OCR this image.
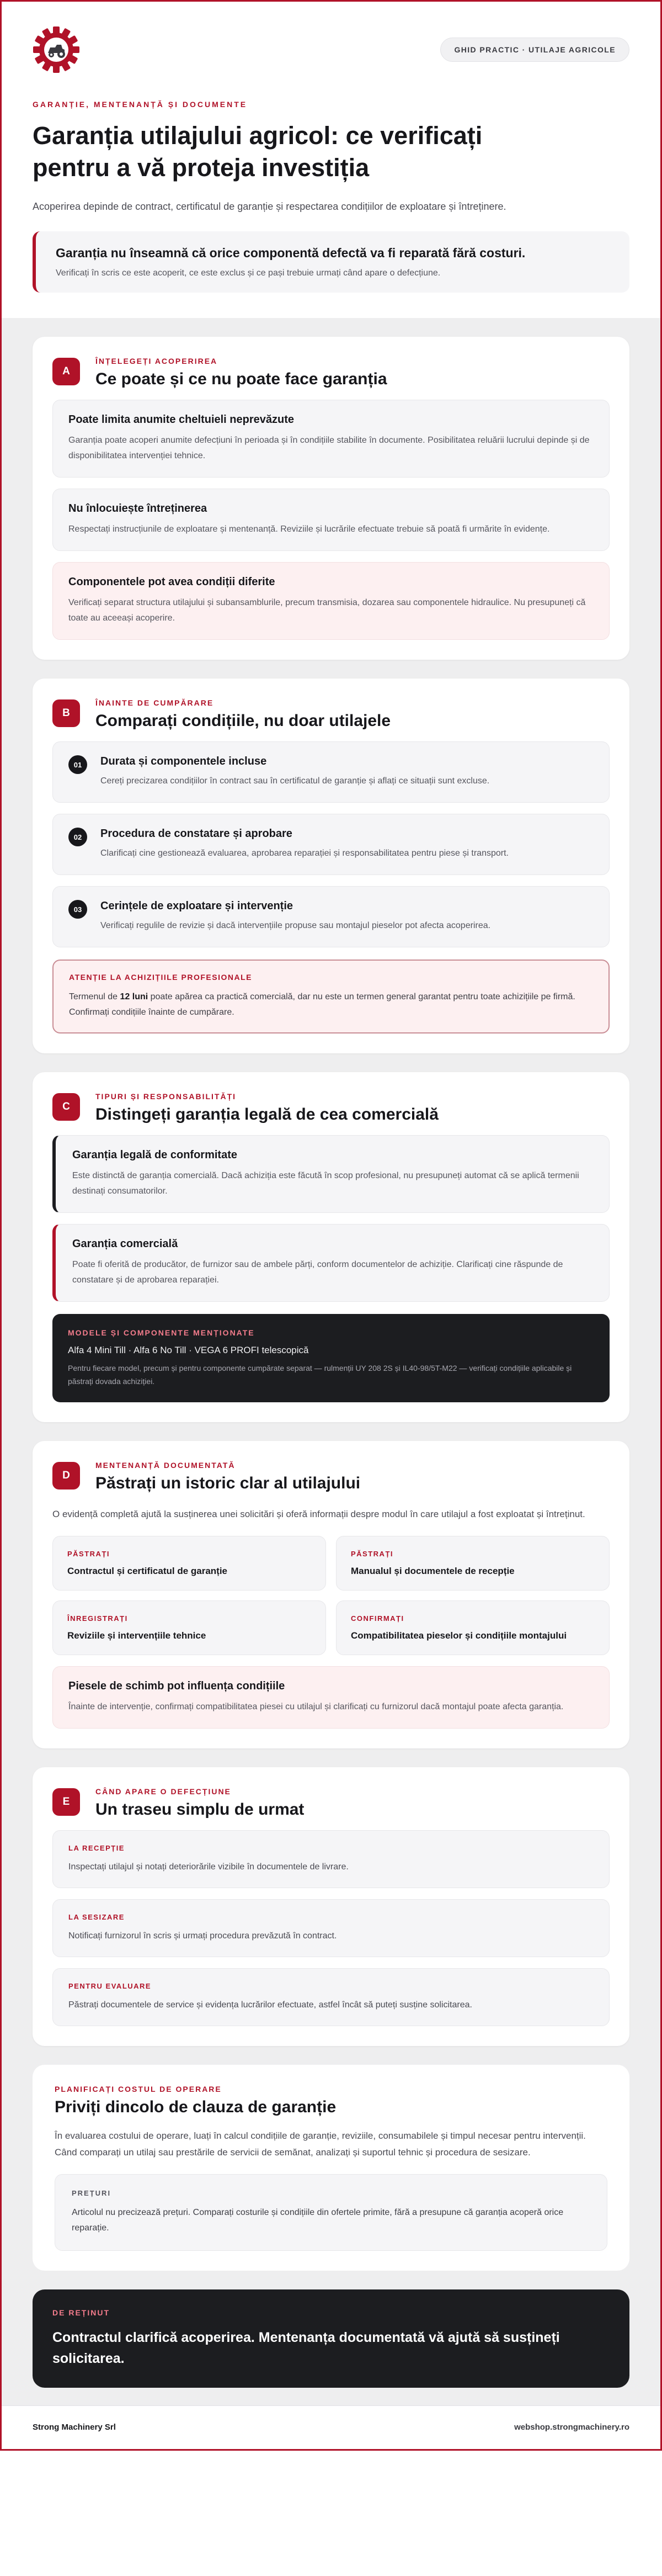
GHID PRACTIC · UTILAJE AGRICOLE
GARANȚIE, MENTENANȚĂ ȘI DOCUMENTE
Garanția utilajului agricol: ce verificați pentru a vă proteja investiția

Acoperirea depinde de contract, certificatul de garanție și respectarea condițiilor de exploatare și întreținere.

Garanția nu înseamnă că orice componentă defectă va fi reparată fără costuri.
Verificați în scris ce este acoperit, ce este exclus și ce pași trebuie urmați când apare o defecțiune.
A
ÎNȚELEGEȚI ACOPERIREA
Ce poate și ce nu poate face garanția
Poate limita anumite cheltuieli neprevăzute
Garanția poate acoperi anumite defecțiuni în perioada și în condițiile stabilite în documente. Posibilitatea reluării lucrului depinde și de disponibilitatea intervenției tehnice.
Nu înlocuiește întreținerea
Respectați instrucțiunile de exploatare și mentenanță. Reviziile și lucrările efectuate trebuie să poată fi urmărite în evidențe.
Componentele pot avea condiții diferite
Verificați separat structura utilajului și subansamblurile, precum transmisia, dozarea sau componentele hidraulice. Nu presupuneți că toate au aceeași acoperire.
B
ÎNAINTE DE CUMPĂRARE
Comparați condițiile, nu doar utilajele
01	Durata și componentele incluse
Cereți precizarea condițiilor în contract sau în certificatul de garanție și aflați ce situații sunt excluse.
02	Procedura de constatare și aprobare
Clarificați cine gestionează evaluarea, aprobarea reparației și responsabilitatea pentru piese și transport.
03	Cerințele de exploatare și intervenție
Verificați regulile de revizie și dacă intervențiile propuse sau montajul pieselor pot afecta acoperirea.
ATENȚIE LA ACHIZIȚIILE PROFESIONALE
Termenul de 12 luni poate apărea ca practică comercială, dar nu este un termen general garantat pentru toate achizițiile pe firmă. Confirmați condițiile înainte de cumpărare.
C
TIPURI ȘI RESPONSABILITĂȚI
Distingeți garanția legală de cea comercială
Garanția legală de conformitate
Este distinctă de garanția comercială. Dacă achiziția este făcută în scop profesional, nu presupuneți automat că se aplică termenii destinați consumatorilor.
Garanția comercială
Poate fi oferită de producător, de furnizor sau de ambele părți, conform documentelor de achiziție. Clarificați cine răspunde de constatare și de aprobarea reparației.
MODELE ȘI COMPONENTE MENȚIONATE
Alfa 4 Mini Till · Alfa 6 No Till · VEGA 6 PROFI telescopică
Pentru fiecare model, precum și pentru componente cumpărate separat — rulmenții UY 208 2S și IL40-98/5T-M22 — verificați condițiile aplicabile și păstrați dovada achiziției.
D
MENTENANȚĂ DOCUMENTATĂ
Păstrați un istoric clar al utilajului

O evidență completă ajută la susținerea unei solicitări și oferă informații despre modul în care utilajul a fost exploatat și întreținut.

PĂSTRAȚI
Contractul și certificatul de garanție
PĂSTRAȚI
Manualul și documentele de recepție
ÎNREGISTRAȚI
Reviziile și intervențiile tehnice
CONFIRMAȚI
Compatibilitatea pieselor și condițiile montajului
Piesele de schimb pot influența condițiile
Înainte de intervenție, confirmați compatibilitatea piesei cu utilajul și clarificați cu furnizorul dacă montajul poate afecta garanția.
E
CÂND APARE O DEFECȚIUNE
Un traseu simplu de urmat
LA RECEPȚIE
Inspectați utilajul și notați deteriorările vizibile în documentele de livrare.
LA SESIZARE
Notificați furnizorul în scris și urmați procedura prevăzută în contract.
PENTRU EVALUARE
Păstrați documentele de service și evidența lucrărilor efectuate, astfel încât să puteți susține solicitarea.
PLANIFICAȚI COSTUL DE OPERARE
Priviți dincolo de clauza de garanție

În evaluarea costului de operare, luați în calcul condițiile de garanție, reviziile, consumabilele și timpul necesar pentru intervenții. Când comparați un utilaj sau prestările de servicii de semănat, analizați și suportul tehnic și procedura de sesizare.

PREȚURI
Articolul nu precizează prețuri. Comparați costurile și condițiile din ofertele primite, fără a presupune că garanția acoperă orice reparație.
DE REȚINUT
Contractul clarifică acoperirea. Mentenanța documentată vă ajută să susțineți solicitarea.
Strong Machinery Srl	webshop.strongmachinery.ro
